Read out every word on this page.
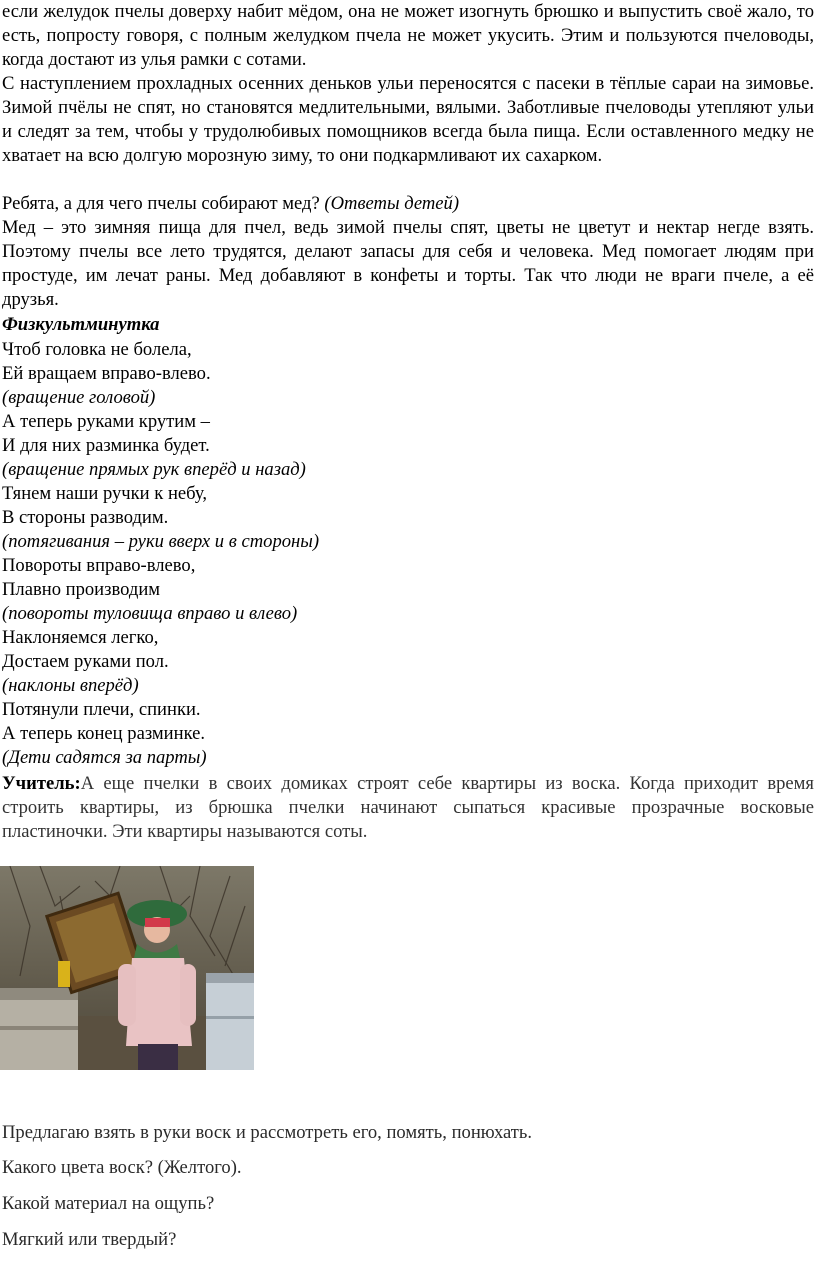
если желудок пчелы доверху набит мёдом, она не может изогнуть брюшко и выпустить своё жало, то есть, попросту говоря, с полным желудком пчела не может укусить. Этим и пользуются пчеловоды, когда достают из улья рамки с сотами.

С наступлением прохладных осенних деньков ульи переносятся с пасеки в тёплые сараи на зимовье. Зимой пчёлы не спят, но становятся медлительными, вялыми. Заботливые пчеловоды утепляют ульи и следят за тем, чтобы у трудолюбивых помощников всегда была пища. Если оставленного медку не хватает на всю долгую морозную зиму, то они подкармливают их сахарком.

Ребята, а для чего пчелы собирают мед? (Ответы детей)

Мед – это зимняя пища для пчел, ведь зимой пчелы спят, цветы не цветут и нектар негде взять. Поэтому пчелы все лето трудятся, делают запасы для себя и человека. Мед помогает людям при простуде, им лечат раны. Мед добавляют в конфеты и торты. Так что люди не враги пчеле, а её друзья.

Физкультминутка

Чтоб головка не болела,

Ей вращаем вправо-влево.

(вращение головой)

А теперь руками крутим –

И для них разминка будет.

(вращение прямых рук вперёд и назад)

Тянем наши ручки к небу,

В стороны разводим.

(потягивания – руки вверх и в стороны)

Повороты вправо-влево,

Плавно производим

(повороты туловища вправо и влево)

Наклоняемся легко,

Достаем руками пол.

(наклоны вперёд)

Потянули плечи, спинки.

А теперь конец разминке.

(Дети садятся за парты)

Учитель:А еще пчелки в своих домиках строят себе квартиры из воска. Когда приходит время строить квартиры, из брюшка пчелки начинают сыпаться красивые прозрачные восковые пластиночки. Эти квартиры называются соты.

Предлагаю взять в руки воск и рассмотреть его, помять, понюхать.

Какого цвета воск? (Желтого).

Какой материал на ощупь?

Мягкий или твердый?
